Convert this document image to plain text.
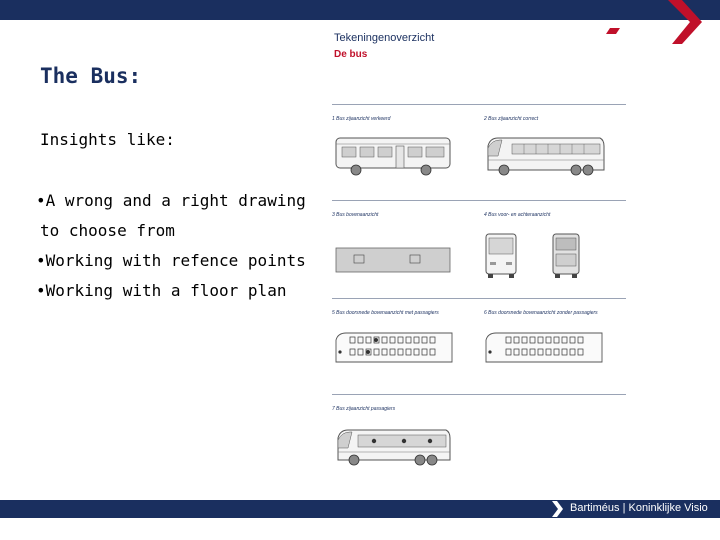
The Bus:
Insights like:
•A wrong and a right drawing
to choose from
•Working with refence points
•Working with a floor plan
Tekeningenoverzicht
De bus
1 Bus zijaanzicht verkeerd	2 Bus zijaanzicht correct
3 Bus bovenaanzicht	4 Bus voor- en achteraanzicht
5 Bus doorsnede bovenaanzicht met passagiers	6 Bus doorsnede bovenaanzicht zonder passagiers
7 Bus zijaanzicht passagiers
Bartiméus | Koninklijke Visio
